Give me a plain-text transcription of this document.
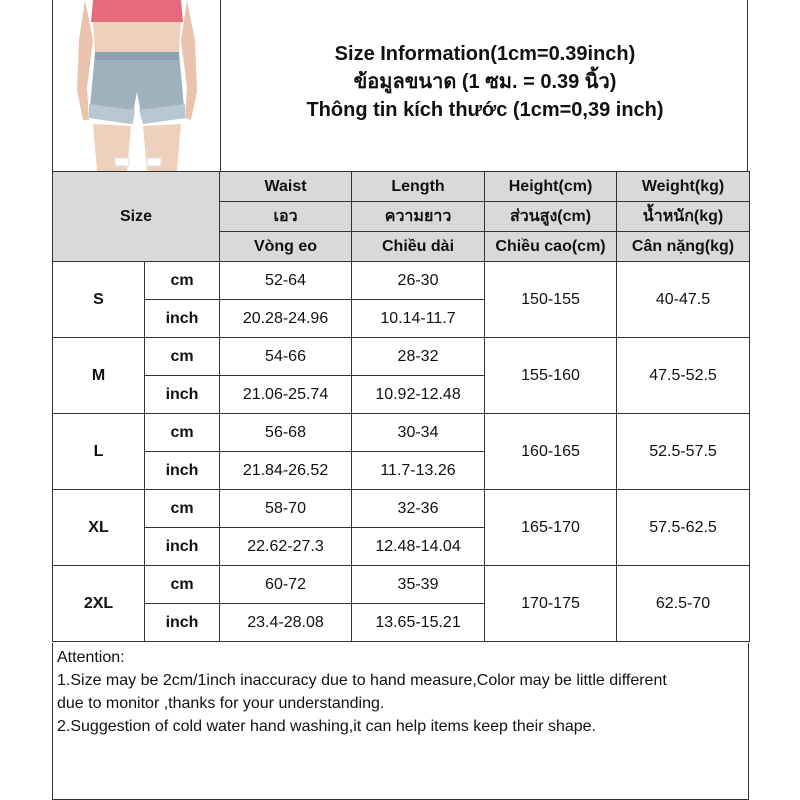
Size Information(1cm=0.39inch)
ข้อมูลขนาด (1 ซม. = 0.39 นิ้ว)
Thông tin kích thước (1cm=0,39 inch)
Size		Waist	Length	Height(cm)	Weight(kg)
		เอว	ความยาว	ส่วนสูง(cm)	น้ำหนัก(kg)
		Vòng eo	Chiều dài	Chiều cao(cm)	Cân nặng(kg)
S	cm	52-64	26-30	150-155	40-47.5
	inch	20.28-24.96	10.14-11.7		
M	cm	54-66	28-32	155-160	47.5-52.5
	inch	21.06-25.74	10.92-12.48		
L	cm	56-68	30-34	160-165	52.5-57.5
	inch	21.84-26.52	11.7-13.26		
XL	cm	58-70	32-36	165-170	57.5-62.5
	inch	22.62-27.3	12.48-14.04		
2XL	cm	60-72	35-39	170-175	62.5-70
	inch	23.4-28.08	13.65-15.21		
Attention:
1.Size may be 2cm/1inch inaccuracy due to hand measure,Color may be little different
due to monitor ,thanks for your understanding.
2.Suggestion of cold water hand washing,it can help items keep their shape.
